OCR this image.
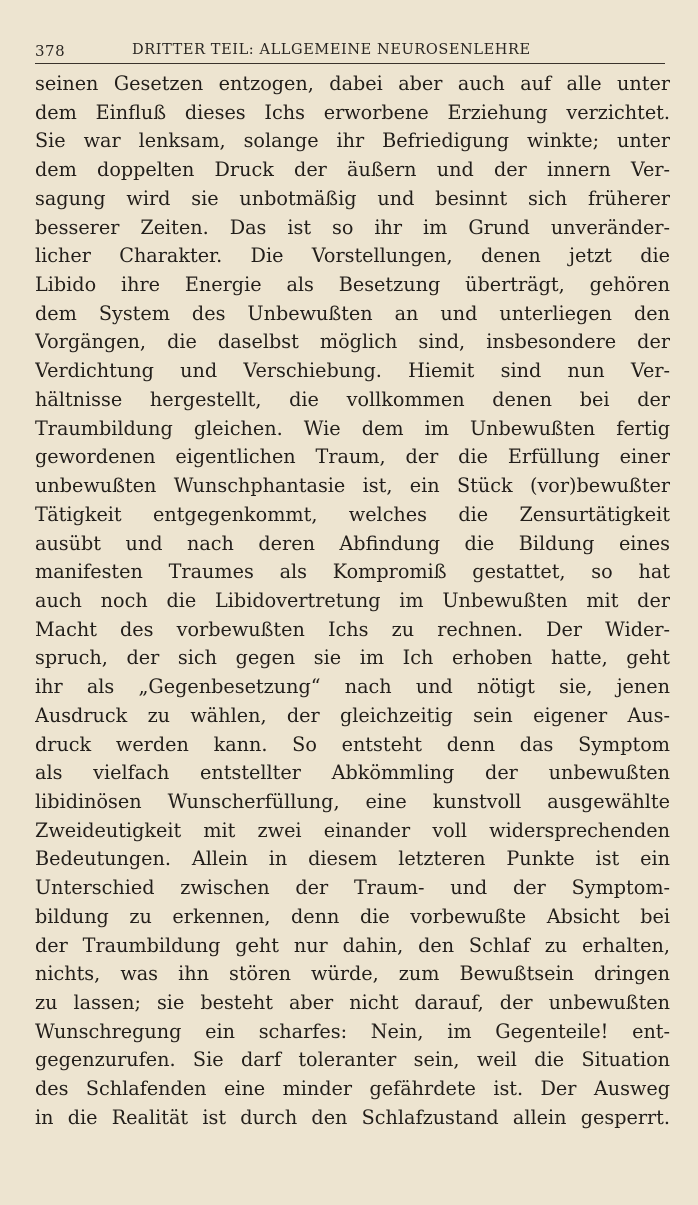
378	DRITTER TEIL: ALLGEMEINE NEUROSENLEHRE
seinen Gesetzen entzogen, dabei aber auch auf alle unter
dem Einfluß dieses Ichs erworbene Erziehung verzichtet.
Sie war lenksam, solange ihr Befriedigung winkte; unter
dem doppelten Druck der äußern und der innern Ver-
sagung wird sie unbotmäßig und besinnt sich früherer
besserer Zeiten. Das ist so ihr im Grund unveränder-
licher Charakter. Die Vorstellungen, denen jetzt die
Libido ihre Energie als Besetzung überträgt, gehören
dem System des Unbewußten an und unterliegen den
Vorgängen, die daselbst möglich sind, insbesondere der
Verdichtung und Verschiebung. Hiemit sind nun Ver-
hältnisse hergestellt, die vollkommen denen bei der
Traumbildung gleichen. Wie dem im Unbewußten fertig
gewordenen eigentlichen Traum, der die Erfüllung einer
unbewußten Wunschphantasie ist, ein Stück (vor)bewußter
Tätigkeit entgegenkommt, welches die Zensurtätigkeit
ausübt und nach deren Abfindung die Bildung eines
manifesten Traumes als Kompromiß gestattet, so hat
auch noch die Libidovertretung im Unbewußten mit der
Macht des vorbewußten Ichs zu rechnen. Der Wider-
spruch, der sich gegen sie im Ich erhoben hatte, geht
ihr als „Gegenbesetzung“ nach und nötigt sie, jenen
Ausdruck zu wählen, der gleichzeitig sein eigener Aus-
druck werden kann. So entsteht denn das Symptom
als vielfach entstellter Abkömmling der unbewußten
libidinösen Wunscherfüllung, eine kunstvoll ausgewählte
Zweideutigkeit mit zwei einander voll widersprechenden
Bedeutungen. Allein in diesem letzteren Punkte ist ein
Unterschied zwischen der Traum- und der Symptom-
bildung zu erkennen, denn die vorbewußte Absicht bei
der Traumbildung geht nur dahin, den Schlaf zu erhalten,
nichts, was ihn stören würde, zum Bewußtsein dringen
zu lassen; sie besteht aber nicht darauf, der unbewußten
Wunschregung ein scharfes: Nein, im Gegenteile! ent-
gegenzurufen. Sie darf toleranter sein, weil die Situation
des Schlafenden eine minder gefährdete ist. Der Ausweg
in die Realität ist durch den Schlafzustand allein gesperrt.
